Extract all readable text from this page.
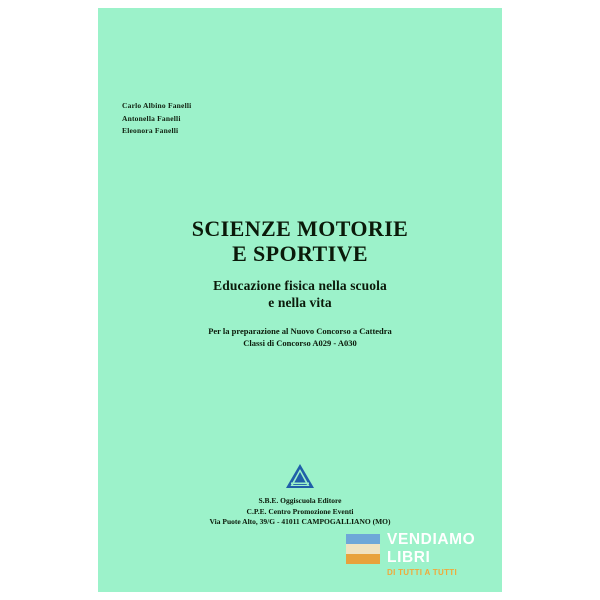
Carlo Albino Fanelli
Antonella Fanelli
Eleonora Fanelli
SCIENZE MOTORIE
E SPORTIVE
Educazione fisica nella scuola
e nella vita
Per la preparazione al Nuovo Concorso a Cattedra
Classi di Concorso A029 - A030
S.B.E. Oggiscuola Editore
C.P.E. Centro Promozione Eventi
Via Puote Alto, 39/G - 41011 CAMPOGALLIANO (MO)
VENDIAMO
LIBRI
DI TUTTI A TUTTI
